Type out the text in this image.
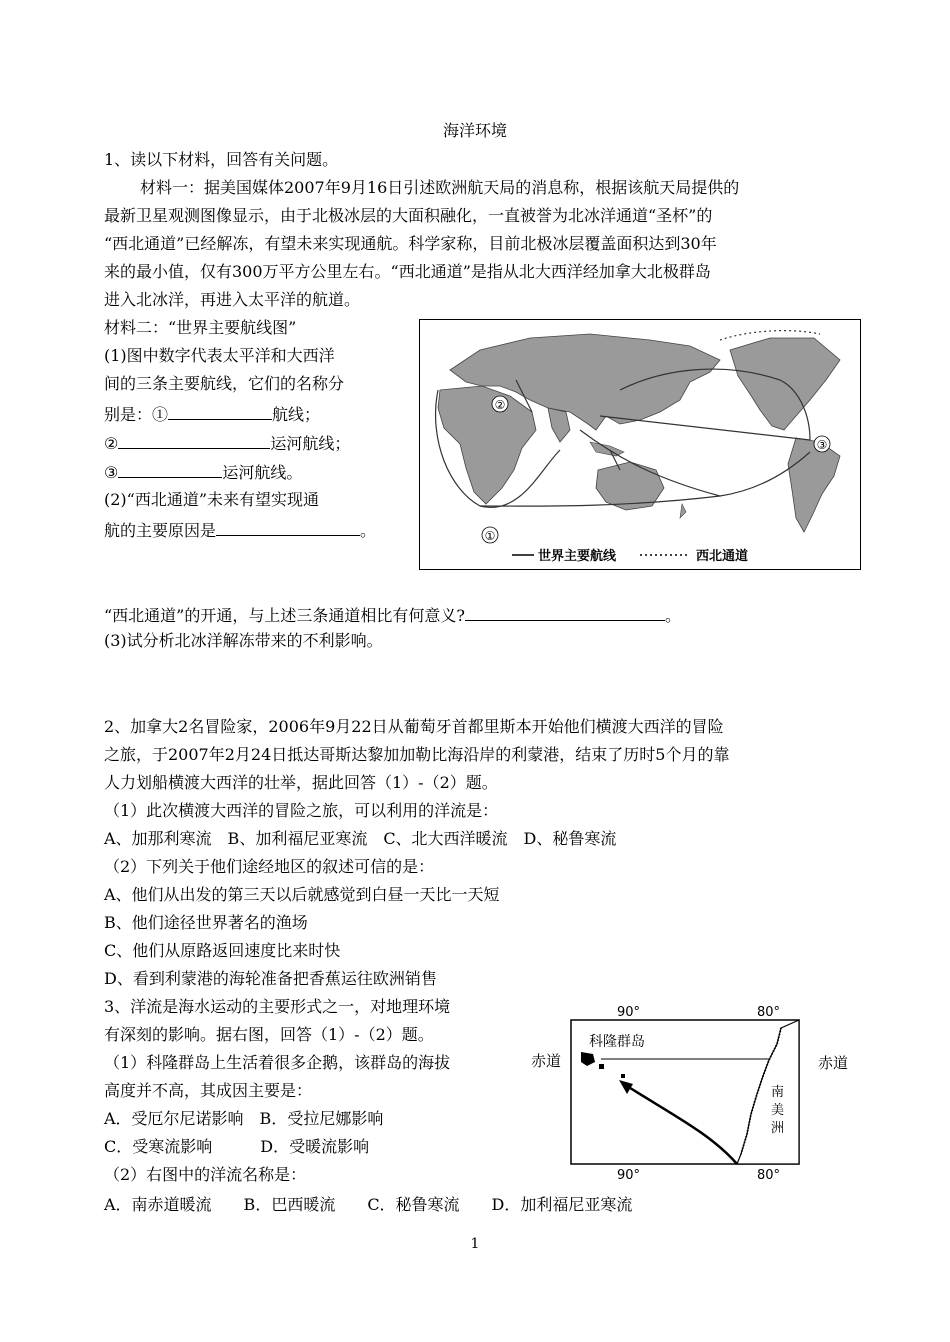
海洋环境
1、读以下材料，回答有关问题。
材料一：据美国媒体2007年9月16日引述欧洲航天局的消息称，根据该航天局提供的
最新卫星观测图像显示，由于北极冰层的大面积融化，一直被誉为北冰洋通道“圣杯”的
“西北通道”已经解冻，有望未来实现通航。科学家称，目前北极冰层覆盖面积达到30年
来的最小值，仅有300万平方公里左右。“西北通道”是指从北大西洋经加拿大北极群岛
进入北冰洋，再进入太平洋的航道。
材料二：“世界主要航线图”
(1)图中数字代表太平洋和大西洋
间的三条主要航线，它们的名称分
别是：①	航线；
②	运河航线；
③	运河航线。
(2)“西北通道”未来有望实现通
航的主要原因是	。
②
③
①
世界主要航线	西北通道
“西北通道”的开通，与上述三条通道相比有何意义?	。
(3)试分析北冰洋解冻带来的不利影响。
2、加拿大2名冒险家，2006年9月22日从葡萄牙首都里斯本开始他们横渡大西洋的冒险
之旅，于2007年2月24日抵达哥斯达黎加加勒比海沿岸的利蒙港，结束了历时5个月的靠
人力划船横渡大西洋的壮举，据此回答（1）-（2）题。
（1）此次横渡大西洋的冒险之旅，可以利用的洋流是：
A、加那利寒流　B、加利福尼亚寒流　C、北大西洋暖流　D、秘鲁寒流
（2）下列关于他们途经地区的叙述可信的是：
A、他们从出发的第三天以后就感觉到白昼一天比一天短
B、他们途径世界著名的渔场
C、他们从原路返回速度比来时快
D、看到利蒙港的海轮准备把香蕉运往欧洲销售
3、洋流是海水运动的主要形式之一，对地理环境
有深刻的影响。据右图，回答（1）-（2）题。
（1）科隆群岛上生活着很多企鹅，该群岛的海拔
高度并不高，其成因主要是：
A．受厄尔尼诺影响　B．受拉尼娜影响
C．受寒流影响　　　D．受暖流影响
（2）右图中的洋流名称是：
A．南赤道暖流　　B．巴西暖流　　C．秘鲁寒流　　D．加利福尼亚寒流
90°	80°
90°	80°
赤道
南
美
洲
科隆群岛
赤道
1
